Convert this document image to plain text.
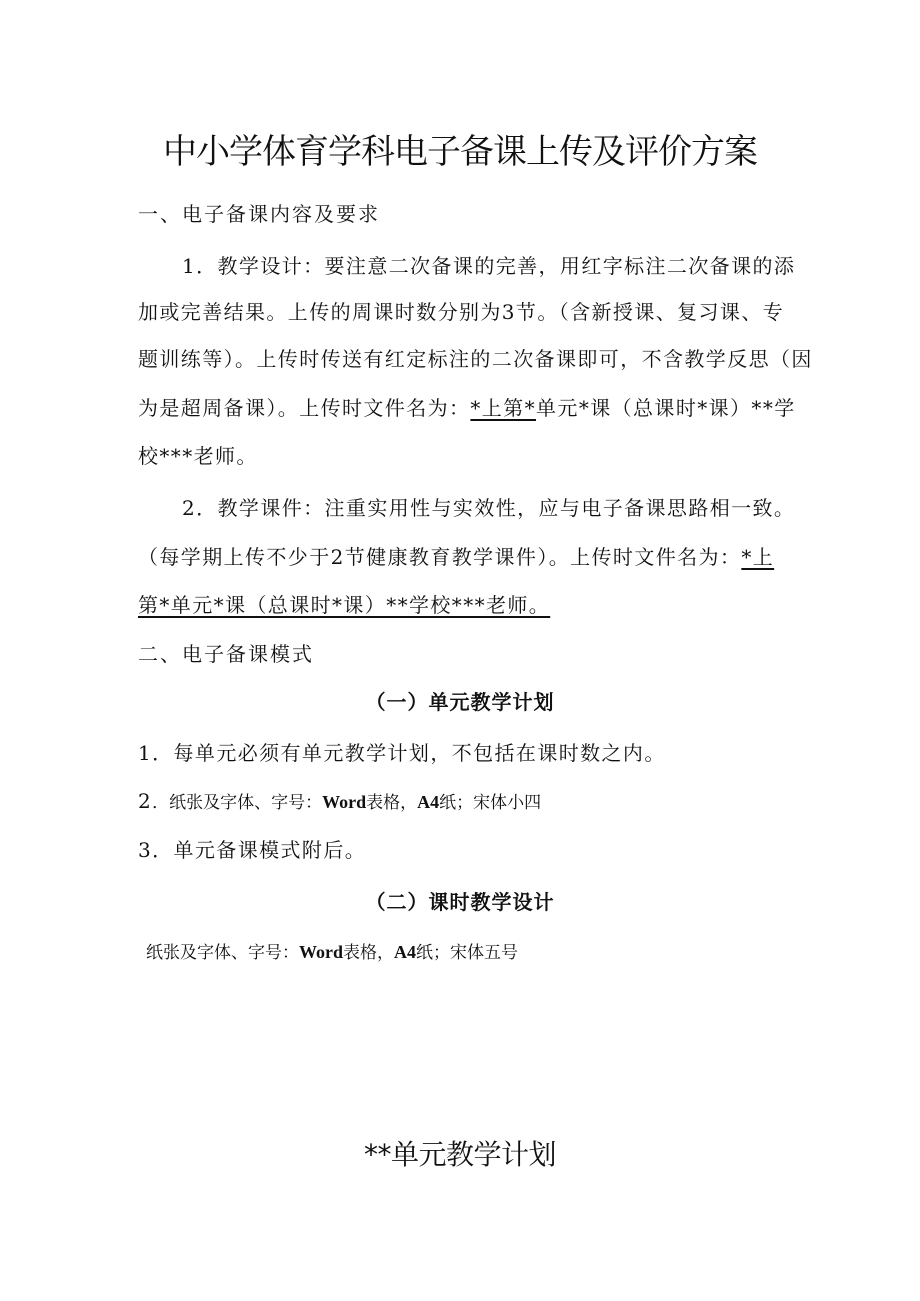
中小学体育学科电子备课上传及评价方案
一、电子备课内容及要求
1．教学设计：要注意二次备课的完善，用红字标注二次备课的添
加或完善结果。上传的周课时数分别为3节。（含新授课、复习课、专
题训练等）。上传时传送有红定标注的二次备课即可，不含教学反思（因
为是超周备课）。上传时文件名为：*上第*单元*课（总课时*课）**学
校***老师。
2．教学课件：注重实用性与实效性，应与电子备课思路相一致。
（每学期上传不少于2节健康教育教学课件）。上传时文件名为：*上
第*单元*课（总课时*课）**学校***老师。
二、电子备课模式
（一）单元教学计划
1．每单元必须有单元教学计划，不包括在课时数之内。
2．纸张及字体、字号：Word表格，A4纸；宋体小四
3．单元备课模式附后。
（二）课时教学设计
纸张及字体、字号：Word表格，A4纸；宋体五号
**单元教学计划
